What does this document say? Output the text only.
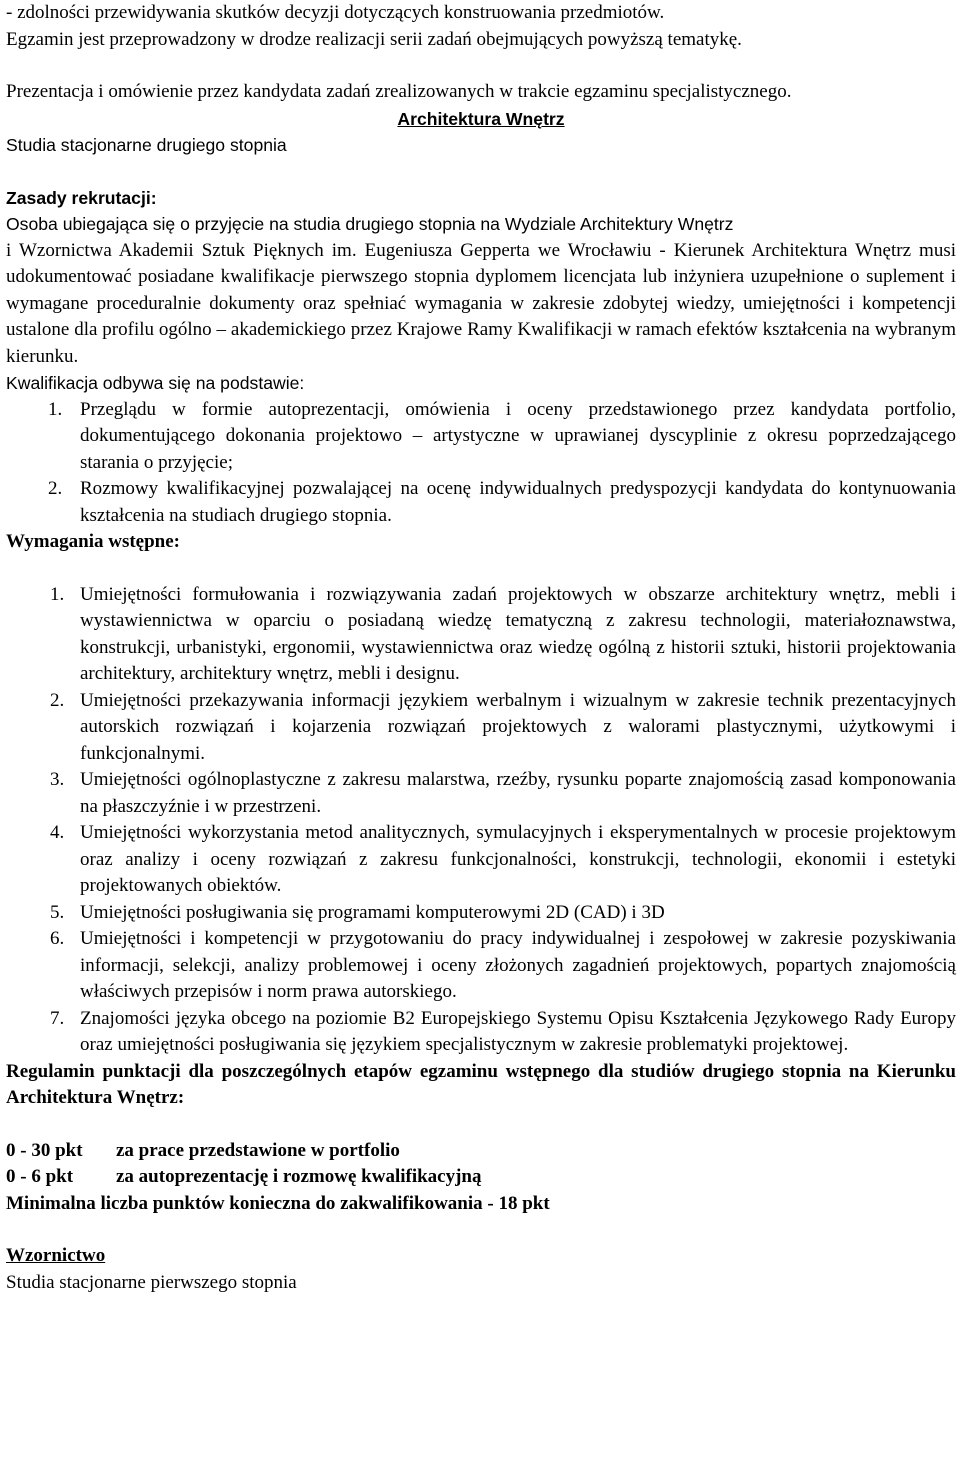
- zdolności przewidywania skutków decyzji dotyczących konstruowania przedmiotów.

Egzamin jest przeprowadzony w drodze realizacji serii zadań obejmujących powyższą tematykę.

Prezentacja i omówienie przez kandydata zadań zrealizowanych w trakcie egzaminu specjalistycznego.

Architektura Wnętrz

Studia stacjonarne drugiego stopnia

Zasady rekrutacji:

Osoba ubiegająca się o przyjęcie na studia drugiego stopnia na Wydziale Architektury Wnętrz

i Wzornictwa Akademii Sztuk Pięknych im. Eugeniusza Gepperta we Wrocławiu - Kierunek Architektura Wnętrz musi udokumentować posiadane kwalifikacje pierwszego stopnia dyplomem licencjata lub inżyniera uzupełnione o suplement i wymagane proceduralnie dokumenty oraz spełniać wymagania w zakresie zdobytej wiedzy, umiejętności i kompetencji ustalone dla profilu ogólno – akademickiego przez Krajowe Ramy Kwalifikacji w ramach efektów kształcenia na wybranym kierunku.

Kwalifikacja odbywa się na podstawie:

1. Przeglądu w formie autoprezentacji, omówienia i oceny przedstawionego przez kandydata portfolio, dokumentującego dokonania projektowo – artystyczne w uprawianej dyscyplinie z okresu poprzedzającego starania o przyjęcie;
2. Rozmowy kwalifikacyjnej pozwalającej na ocenę indywidualnych predyspozycji kandydata do kontynuowania kształcenia na studiach drugiego stopnia.

Wymagania wstępne:

1. Umiejętności formułowania i rozwiązywania zadań projektowych w obszarze architektury wnętrz, mebli i wystawiennictwa w oparciu o posiadaną wiedzę tematyczną z zakresu technologii, materiałoznawstwa, konstrukcji, urbanistyki, ergonomii, wystawiennictwa oraz wiedzę ogólną z historii sztuki, historii projektowania architektury, architektury wnętrz, mebli i designu.
2. Umiejętności przekazywania informacji językiem werbalnym i wizualnym w zakresie technik prezentacyjnych autorskich rozwiązań i kojarzenia rozwiązań projektowych z walorami plastycznymi, użytkowymi i funkcjonalnymi.
3. Umiejętności ogólnoplastyczne z zakresu malarstwa, rzeźby, rysunku poparte znajomością zasad komponowania na płaszczyźnie i w przestrzeni.
4. Umiejętności wykorzystania metod analitycznych, symulacyjnych i eksperymentalnych w procesie projektowym oraz analizy i oceny rozwiązań z zakresu funkcjonalności, konstrukcji, technologii, ekonomii i estetyki projektowanych obiektów.
5. Umiejętności posługiwania się programami komputerowymi 2D (CAD) i 3D
6. Umiejętności i kompetencji w przygotowaniu do pracy indywidualnej i zespołowej w zakresie pozyskiwania informacji, selekcji, analizy problemowej i oceny złożonych zagadnień projektowych, popartych znajomością właściwych przepisów i norm prawa autorskiego.
7. Znajomości języka obcego na poziomie B2 Europejskiego Systemu Opisu Kształcenia Językowego Rady Europy oraz umiejętności posługiwania się językiem specjalistycznym w zakresie problematyki projektowej.

Regulamin punktacji dla poszczególnych etapów egzaminu wstępnego dla studiów drugiego stopnia na Kierunku Architektura Wnętrz:

0 - 30 pkt	za prace przedstawione w portfolio
0 - 6 pkt	za autoprezentację i rozmowę kwalifikacyjną

Minimalna liczba punktów konieczna do zakwalifikowania - 18 pkt

Wzornictwo

Studia stacjonarne pierwszego stopnia
